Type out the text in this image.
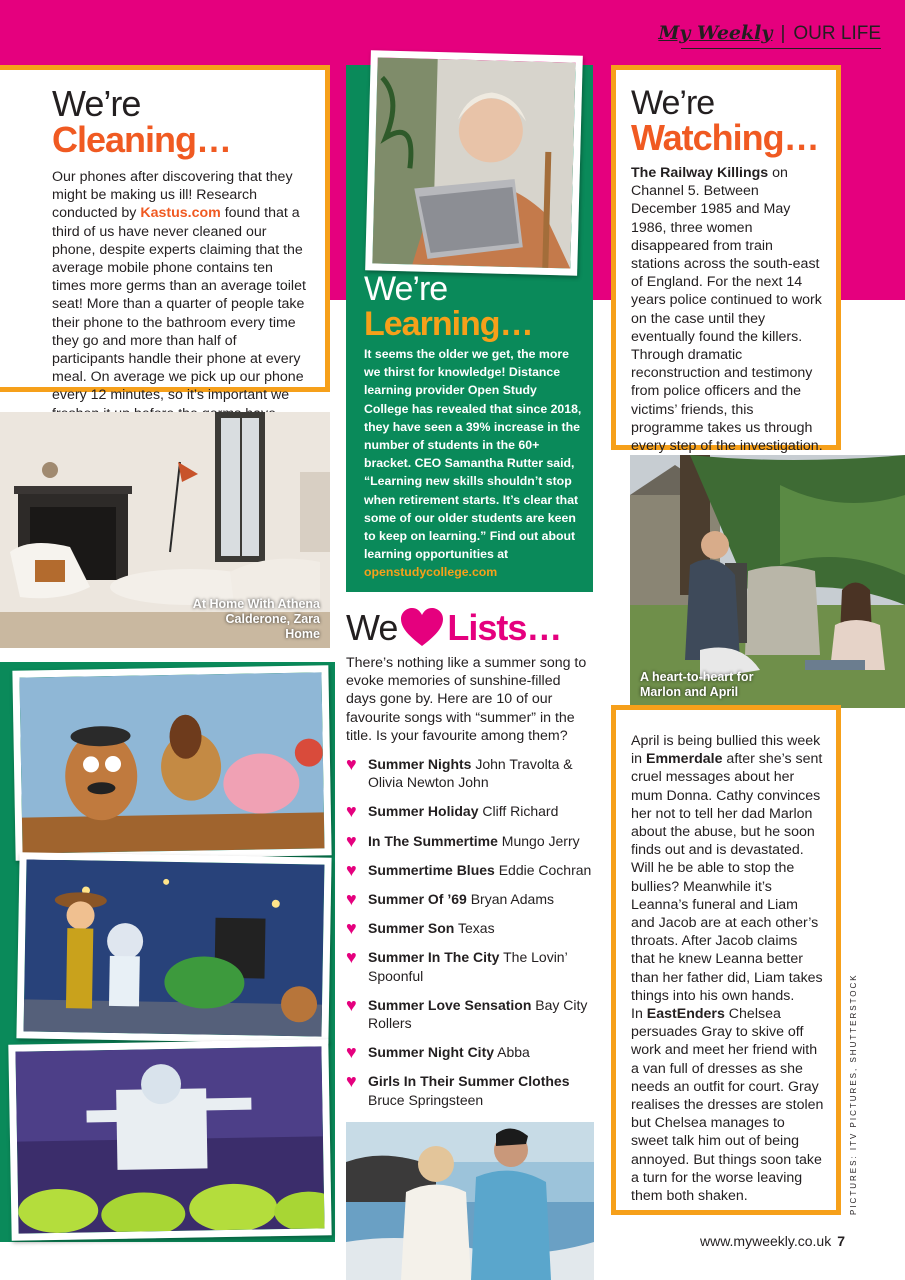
My Weekly | OUR LIFE
We’re Cleaning…
Our phones after discovering that they might be making us ill! Research conducted by Kastus.com found that a third of us have never cleaned our phone, despite experts claiming that the average mobile phone contains ten times more germs than an average toilet seat! More than a quarter of people take their phone to the bathroom every time they go and more than half of participants handle their phone at every meal. On average we pick up our phone every 12 minutes, so it’s important we
At Home With Athena Calderone, Zara Home
We’re
Learning…
It seems the older we get, the more we thirst for knowledge! Distance learning provider Open Study College has revealed that since 2018, they have seen a 39% increase in the number of students in the 60+ bracket. CEO Samantha Rutter said, “Learning new skills shouldn’t stop when retirement starts. It’s clear that some of our older students are keen to keep on learning.” Find out about learning opportunities at openstudycollege.com
We’re
Watching…
The Railway Killings on Channel 5. Between December 1985 and May 1986, three women disappeared from train stations across the south-east of England. For the next 14 years police continued to work on the case until they eventually found the killers. Through dramatic reconstruction and testimony from police officers and the victims’ friends, this programme takes us through every step of the investigation.
A heart-to-heart for Marlon and April
April is being bullied this week in Emmerdale after she’s sent cruel messages about her mum Donna. Cathy convinces her not to tell her dad Marlon about the abuse, but he soon finds out and is devastated. Will he be able to stop the bullies? Meanwhile it’s Leanna’s funeral and Liam and Jacob are at each other’s throats. After Jacob claims that he knew Leanna better than her father did, Liam takes things into his own hands.
In EastEnders Chelsea persuades Gray to skive off work and meet her friend with a van full of dresses as she needs an outfit for court. Gray realises the dresses are stolen but Chelsea manages to sweet talk him out of being annoyed. But things soon take a turn for the worse leaving them both shaken.
We Lists…
There’s nothing like a summer song to evoke memories of sunshine-filled days gone by. Here are 10 of our favourite songs with “summer” in the title. Is your favourite among them?
♥ Summer Nights John Travolta & Olivia Newton John
♥ Summer Holiday Cliff Richard
♥ In The Summertime Mungo Jerry
♥ Summertime Blues Eddie Cochran
♥ Summer Of ’69 Bryan Adams
♥ Summer Son Texas
♥ Summer In The City The Lovin’ Spoonful
♥ Summer Love Sensation Bay City Rollers
♥ Summer Night City Abba
♥ Girls In Their Summer Clothes Bruce Springsteen
www.myweekly.co.uk 7
PICTURES: ITV PICTURES, SHUTTERSTOCK
